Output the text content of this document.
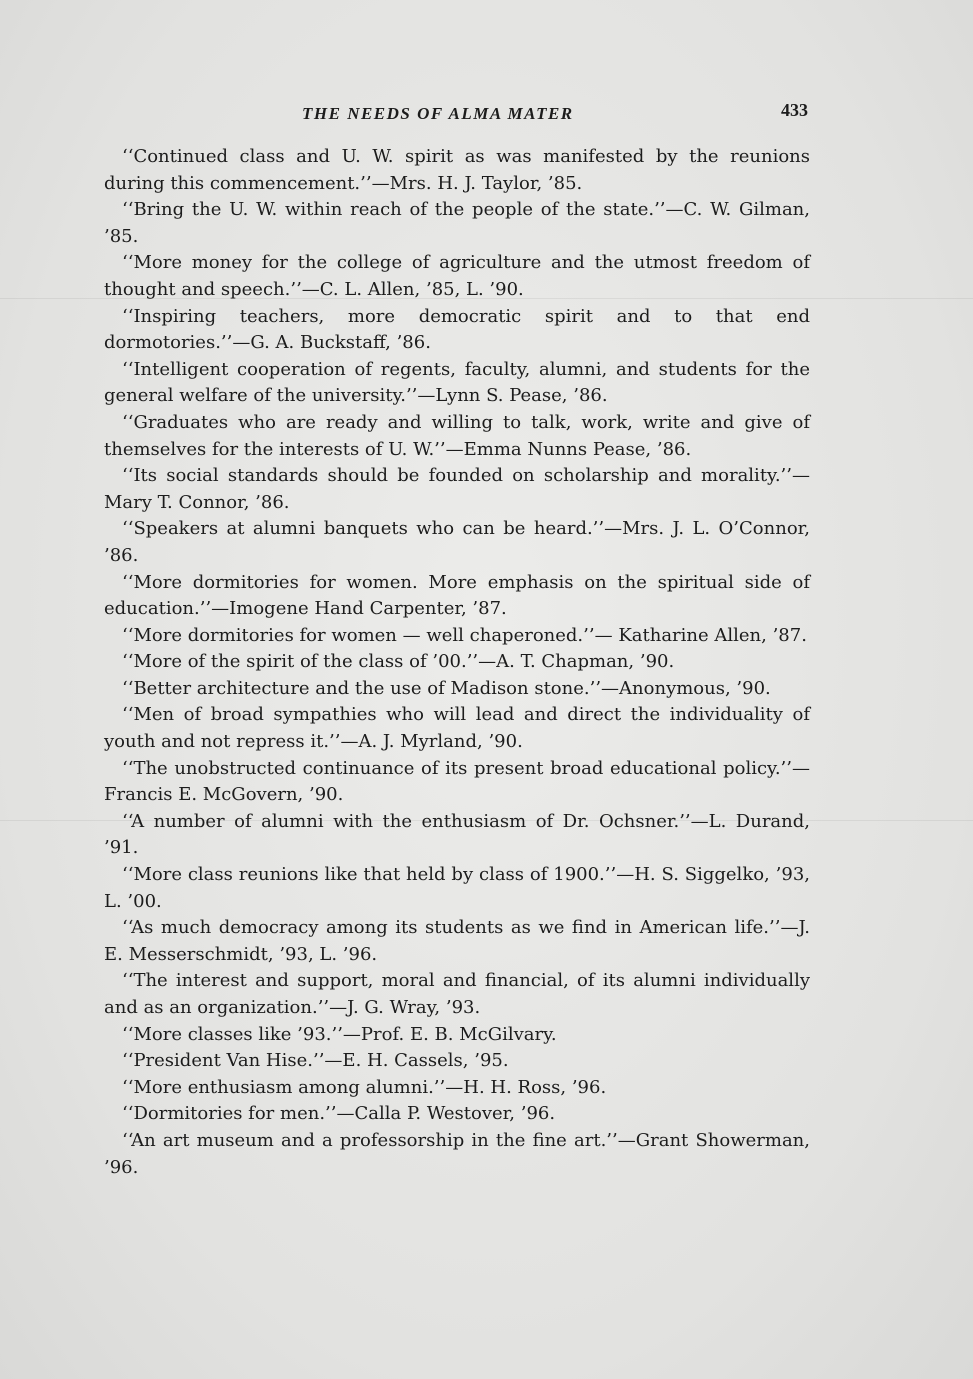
THE NEEDS OF ALMA MATER	433

‘‘Continued class and U. W. spirit as was manifested by the reunions during this commencement.’’—Mrs. H. J. Taylor, ’85.

‘‘Bring the U. W. within reach of the people of the state.’’—C. W. Gilman, ’85.

‘‘More money for the college of agriculture and the utmost freedom of thought and speech.’’—C. L. Allen, ’85, L. ’90.

‘‘Inspiring teachers, more democratic spirit and to that end dormotories.’’—G. A. Buckstaff, ’86.

‘‘Intelligent cooperation of regents, faculty, alumni, and students for the general welfare of the university.’’—Lynn S. Pease, ’86.

‘‘Graduates who are ready and willing to talk, work, write and give of themselves for the interests of U. W.’’—Emma Nunns Pease, ’86.

‘‘Its social standards should be founded on scholarship and morality.’’—Mary T. Connor, ’86.

‘‘Speakers at alumni banquets who can be heard.’’—Mrs. J. L. O’Connor, ’86.

‘‘More dormitories for women. More emphasis on the spiritual side of education.’’—Imogene Hand Carpenter, ’87.

‘‘More dormitories for women — well chaperoned.’’— Katharine Allen, ’87.

‘‘More of the spirit of the class of ’00.’’—A. T. Chapman, ’90.

‘‘Better architecture and the use of Madison stone.’’—Anonymous, ’90.

‘‘Men of broad sympathies who will lead and direct the individuality of youth and not repress it.’’—A. J. Myrland, ’90.

‘‘The unobstructed continuance of its present broad educational policy.’’—Francis E. McGovern, ’90.

‘‘A number of alumni with the enthusiasm of Dr. Ochsner.’’—L. Durand, ’91.

‘‘More class reunions like that held by class of 1900.’’—H. S. Siggelko, ’93, L. ’00.

‘‘As much democracy among its students as we find in American life.’’—J. E. Messerschmidt, ’93, L. ’96.

‘‘The interest and support, moral and financial, of its alumni individually and as an organization.’’—J. G. Wray, ’93.

‘‘More classes like ’93.’’—Prof. E. B. McGilvary.

‘‘President Van Hise.’’—E. H. Cassels, ’95.

‘‘More enthusiasm among alumni.’’—H. H. Ross, ’96.

‘‘Dormitories for men.’’—Calla P. Westover, ’96.

‘‘An art museum and a professorship in the fine art.’’—Grant Showerman, ’96.
